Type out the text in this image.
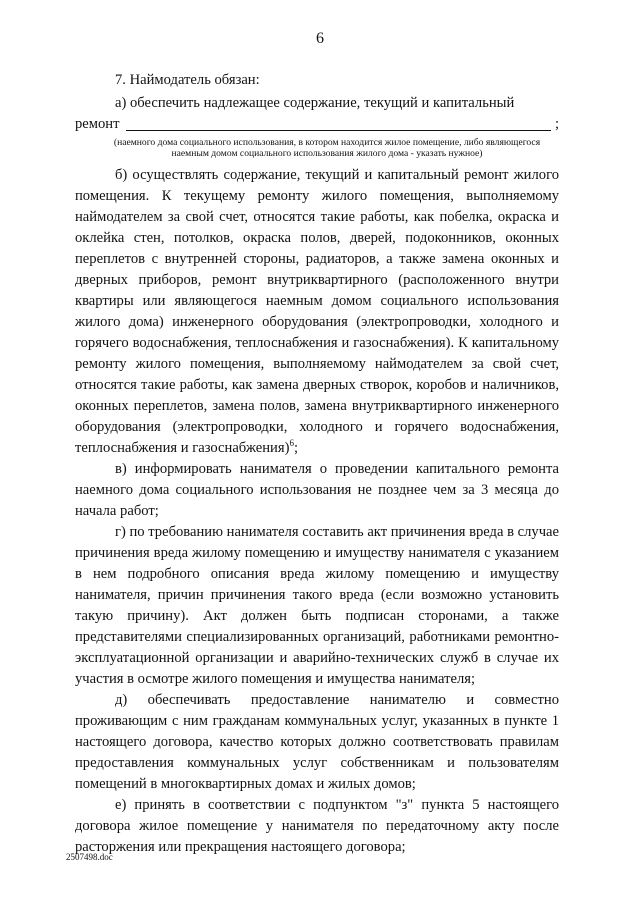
6

7. Наймодатель обязан:

а) обеспечить надлежащее содержание, текущий и капитальный

ремонт	;

(наемного дома социального использования, в котором находится жилое помещение, либо являющегося наемным домом социального использования жилого дома - указать нужное)

б) осуществлять содержание, текущий и капитальный ремонт жилого помещения. К текущему ремонту жилого помещения, выполняемому наймодателем за свой счет, относятся такие работы, как побелка, окраска и оклейка стен, потолков, окраска полов, дверей, подоконников, оконных переплетов с внутренней стороны, радиаторов, а также замена оконных и дверных приборов, ремонт внутриквартирного (расположенного внутри квартиры или являющегося наемным домом социального использования жилого дома) инженерного оборудования (электропроводки, холодного и горячего водоснабжения, теплоснабжения и газоснабжения). К капитальному ремонту жилого помещения, выполняемому наймодателем за свой счет, относятся такие работы, как замена дверных створок, коробов и наличников, оконных переплетов, замена полов, замена внутриквартирного инженерного оборудования (электропроводки, холодного и горячего водоснабжения, теплоснабжения и газоснабжения)$^6$;

в) информировать нанимателя о проведении капитального ремонта наемного дома социального использования не позднее чем за 3 месяца до начала работ;

г) по требованию нанимателя составить акт причинения вреда в случае причинения вреда жилому помещению и имуществу нанимателя с указанием в нем подробного описания вреда жилому помещению и имуществу нанимателя, причин причинения такого вреда (если возможно установить такую причину). Акт должен быть подписан сторонами, а также представителями специализированных организаций, работниками ремонтно-эксплуатационной организации и аварийно-технических служб в случае их участия в осмотре жилого помещения и имущества нанимателя;

д) обеспечивать предоставление нанимателю и совместно проживающим с ним гражданам коммунальных услуг, указанных в пункте 1 настоящего договора, качество которых должно соответствовать правилам предоставления коммунальных услуг собственникам и пользователям помещений в многоквартирных домах и жилых домов;

е) принять в соответствии с подпунктом "з" пункта 5 настоящего договора жилое помещение у нанимателя по передаточному акту после расторжения или прекращения настоящего договора;

2507498.doc
